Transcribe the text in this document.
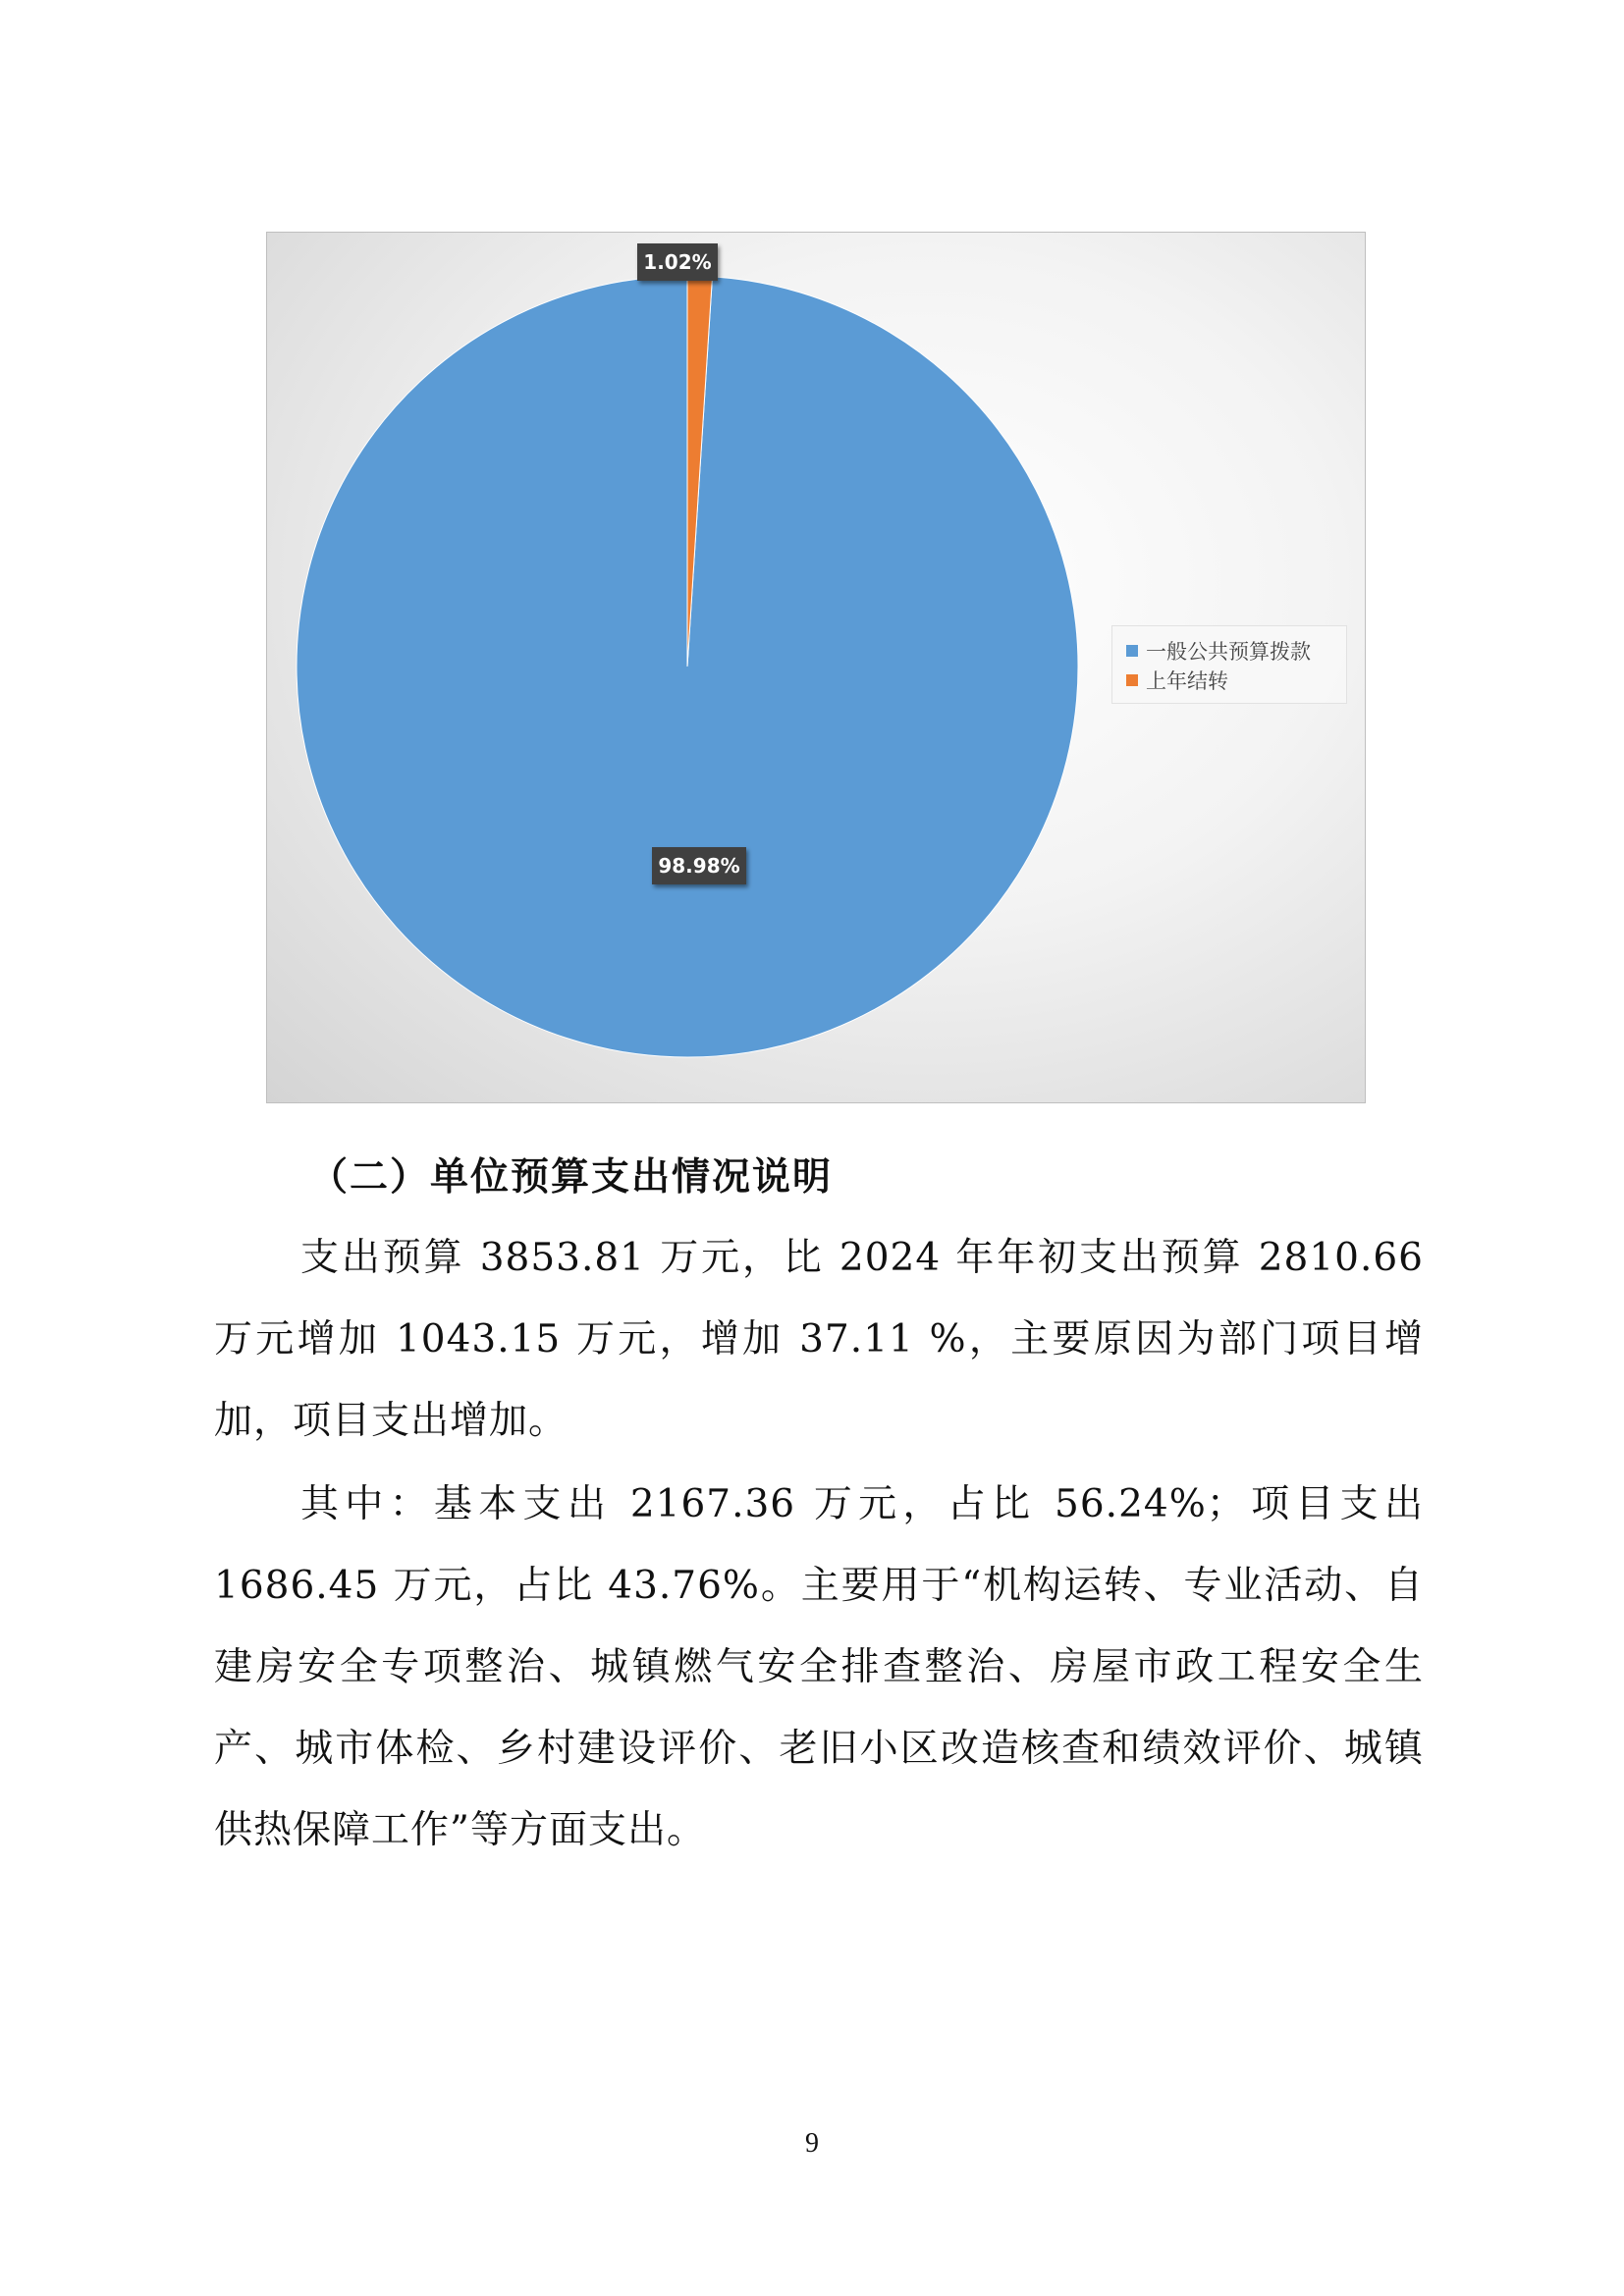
98.98%
1.02%
一般公共预算拨款
上年结转
（二）单位预算支出情况说明

支出预算 3853.81 万元，比 2024 年年初支出预算 2810.66 万元增加 1043.15 万元，增加 37.11 %，主要原因为部门项目增加，项目支出增加。

其中：基本支出 2167.36 万元，占比 56.24%；项目支出 1686.45 万元，占比 43.76%。主要用于“机构运转、专业活动、自建房安全专项整治、城镇燃气安全排查整治、房屋市政工程安全生产、城市体检、乡村建设评价、老旧小区改造核查和绩效评价、城镇供热保障工作”等方面支出。

9
